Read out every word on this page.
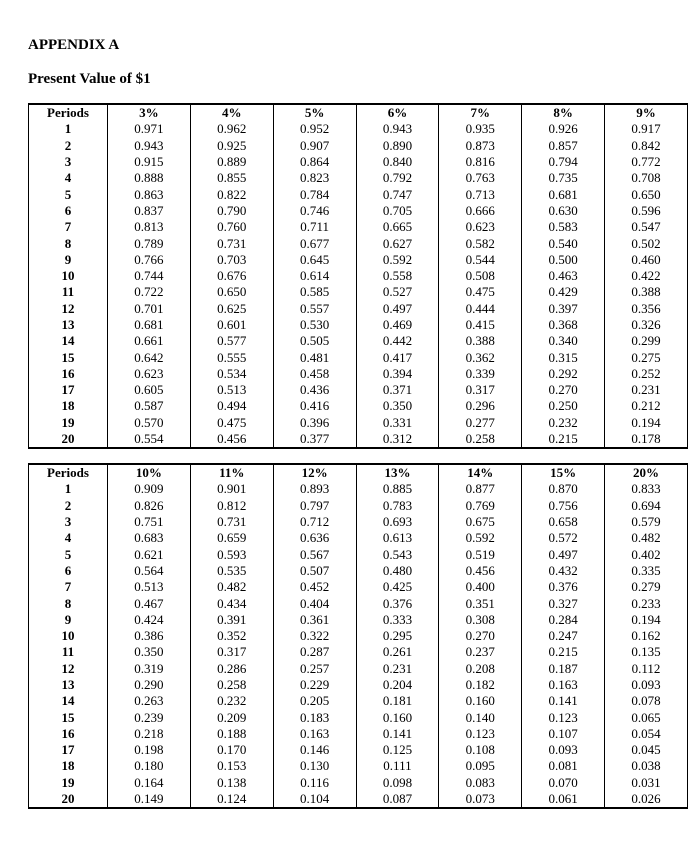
APPENDIX A
Present Value of $1
Periods	3%	4%	5%	6%	7%	8%	9%
1	0.971	0.962	0.952	0.943	0.935	0.926	0.917
2	0.943	0.925	0.907	0.890	0.873	0.857	0.842
3	0.915	0.889	0.864	0.840	0.816	0.794	0.772
4	0.888	0.855	0.823	0.792	0.763	0.735	0.708
5	0.863	0.822	0.784	0.747	0.713	0.681	0.650
6	0.837	0.790	0.746	0.705	0.666	0.630	0.596
7	0.813	0.760	0.711	0.665	0.623	0.583	0.547
8	0.789	0.731	0.677	0.627	0.582	0.540	0.502
9	0.766	0.703	0.645	0.592	0.544	0.500	0.460
10	0.744	0.676	0.614	0.558	0.508	0.463	0.422
11	0.722	0.650	0.585	0.527	0.475	0.429	0.388
12	0.701	0.625	0.557	0.497	0.444	0.397	0.356
13	0.681	0.601	0.530	0.469	0.415	0.368	0.326
14	0.661	0.577	0.505	0.442	0.388	0.340	0.299
15	0.642	0.555	0.481	0.417	0.362	0.315	0.275
16	0.623	0.534	0.458	0.394	0.339	0.292	0.252
17	0.605	0.513	0.436	0.371	0.317	0.270	0.231
18	0.587	0.494	0.416	0.350	0.296	0.250	0.212
19	0.570	0.475	0.396	0.331	0.277	0.232	0.194
20	0.554	0.456	0.377	0.312	0.258	0.215	0.178
Periods	10%	11%	12%	13%	14%	15%	20%
1	0.909	0.901	0.893	0.885	0.877	0.870	0.833
2	0.826	0.812	0.797	0.783	0.769	0.756	0.694
3	0.751	0.731	0.712	0.693	0.675	0.658	0.579
4	0.683	0.659	0.636	0.613	0.592	0.572	0.482
5	0.621	0.593	0.567	0.543	0.519	0.497	0.402
6	0.564	0.535	0.507	0.480	0.456	0.432	0.335
7	0.513	0.482	0.452	0.425	0.400	0.376	0.279
8	0.467	0.434	0.404	0.376	0.351	0.327	0.233
9	0.424	0.391	0.361	0.333	0.308	0.284	0.194
10	0.386	0.352	0.322	0.295	0.270	0.247	0.162
11	0.350	0.317	0.287	0.261	0.237	0.215	0.135
12	0.319	0.286	0.257	0.231	0.208	0.187	0.112
13	0.290	0.258	0.229	0.204	0.182	0.163	0.093
14	0.263	0.232	0.205	0.181	0.160	0.141	0.078
15	0.239	0.209	0.183	0.160	0.140	0.123	0.065
16	0.218	0.188	0.163	0.141	0.123	0.107	0.054
17	0.198	0.170	0.146	0.125	0.108	0.093	0.045
18	0.180	0.153	0.130	0.111	0.095	0.081	0.038
19	0.164	0.138	0.116	0.098	0.083	0.070	0.031
20	0.149	0.124	0.104	0.087	0.073	0.061	0.026
